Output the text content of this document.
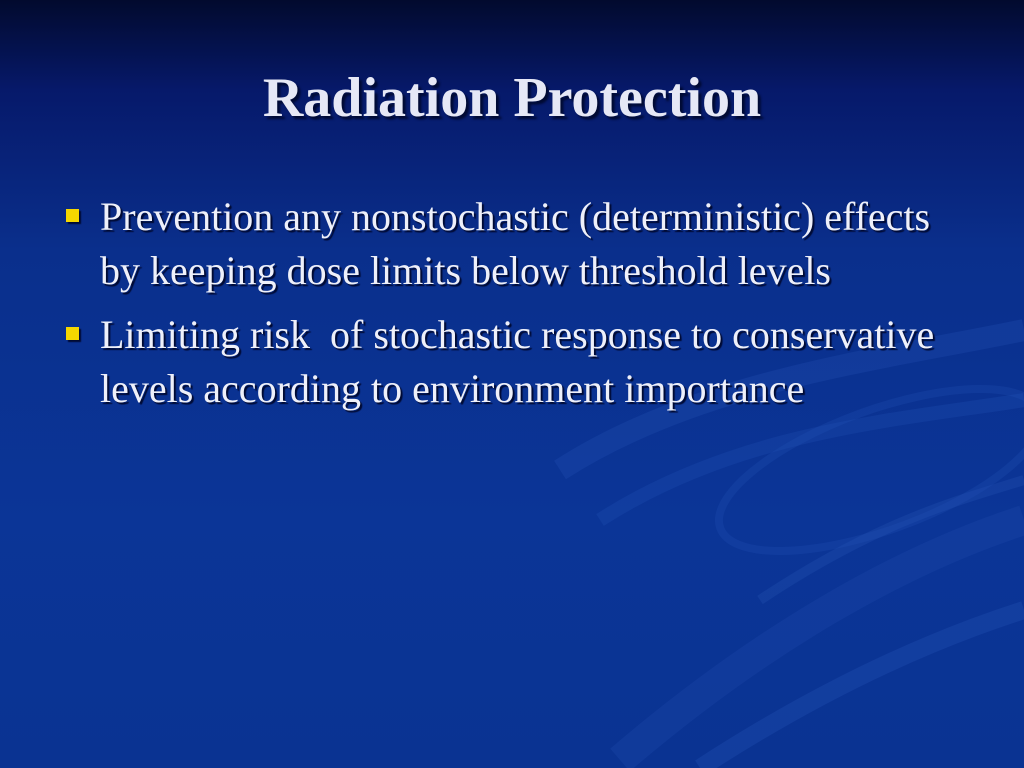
Radiation Protection
Prevention any nonstochastic (deterministic) effects by keeping dose limits below threshold levels
Limiting risk  of stochastic response to conservative levels according to environment importance
